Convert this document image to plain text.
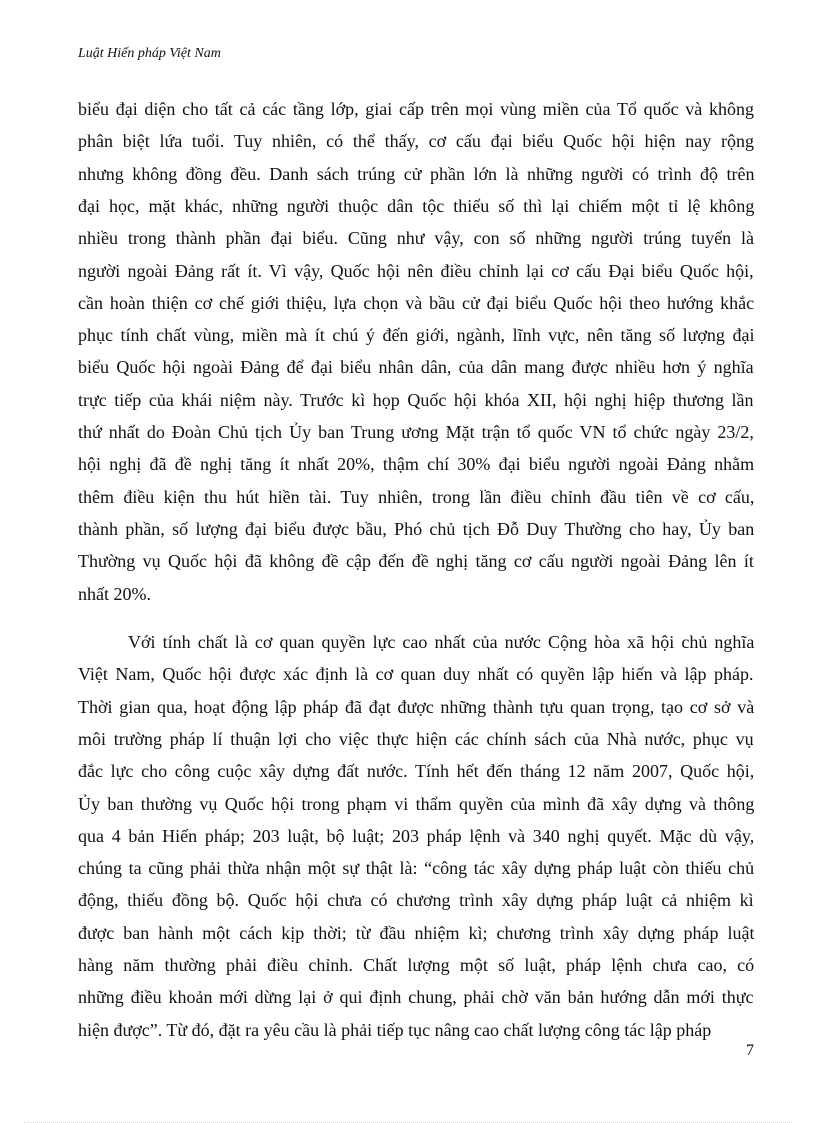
Luật Hiến pháp Việt Nam
biểu đại diện cho tất cả các tầng lớp, giai cấp trên mọi vùng miền của Tổ quốc và không
phân biệt lứa tuổi. Tuy nhiên, có thể thấy, cơ cấu đại biểu Quốc hội hiện nay rộng
nhưng không đồng đều. Danh sách trúng cử phần lớn là những người có trình độ trên
đại học, mặt khác, những người thuộc dân tộc thiểu số thì lại chiếm một tỉ lệ không
nhiều trong thành phần đại biểu. Cũng như vậy, con số những người trúng tuyển là
người ngoài Đảng rất ít. Vì vậy, Quốc hội nên điều chỉnh lại cơ cấu Đại biểu Quốc hội,
cần hoàn thiện cơ chế giới thiệu, lựa chọn và bầu cử đại biểu Quốc hội theo hướng khắc
phục tính chất vùng, miền mà ít chú ý đến giới, ngành, lĩnh vực, nên tăng số lượng đại
biểu Quốc hội ngoài Đảng để đại biểu nhân dân, của dân mang được nhiều hơn ý nghĩa
trực tiếp của khái niệm này. Trước kì họp Quốc hội khóa XII, hội nghị hiệp thương lần
thứ nhất do Đoàn Chủ tịch Ủy ban Trung ương Mặt trận tổ quốc VN tổ chức ngày 23/2,
hội nghị đã đề nghị tăng ít nhất 20%, thậm chí 30% đại biểu người ngoài Đảng nhằm
thêm điều kiện thu hút hiền tài. Tuy nhiên, trong lần điều chỉnh đầu tiên về cơ cấu,
thành phần, số lượng đại biểu được bầu, Phó chủ tịch Đỗ Duy Thường cho hay, Ủy ban
Thường vụ Quốc hội đã không đề cập đến đề nghị tăng cơ cấu người ngoài Đảng lên ít
nhất 20%.
Với tính chất là cơ quan quyền lực cao nhất của nước Cộng hòa xã hội chủ nghĩa
Việt Nam, Quốc hội được xác định là cơ quan duy nhất có quyền lập hiến và lập pháp.
Thời gian qua, hoạt động lập pháp đã đạt được những thành tựu quan trọng, tạo cơ sở và
môi trường pháp lí thuận lợi cho việc thực hiện các chính sách của Nhà nước, phục vụ
đắc lực cho công cuộc xây dựng đất nước. Tính hết đến tháng 12 năm 2007, Quốc hội,
Ủy ban thường vụ Quốc hội trong phạm vi thẩm quyền của mình đã xây dựng và thông
qua 4 bản Hiến pháp; 203 luật, bộ luật; 203 pháp lệnh và 340 nghị quyết. Mặc dù vậy,
chúng ta cũng phải thừa nhận một sự thật là: “công tác xây dựng pháp luật còn thiếu chủ
động, thiếu đồng bộ. Quốc hội chưa có chương trình xây dựng pháp luật cả nhiệm kì
được ban hành một cách kịp thời; từ đầu nhiệm kì; chương trình xây dựng pháp luật
hàng năm thường phải điều chỉnh. Chất lượng một số luật, pháp lệnh chưa cao, có
những điều khoản mới dừng lại ở qui định chung, phải chờ văn bản hướng dẫn mới thực
hiện được”. Từ đó, đặt ra yêu cầu là phải tiếp tục nâng cao chất lượng công tác lập pháp
7
